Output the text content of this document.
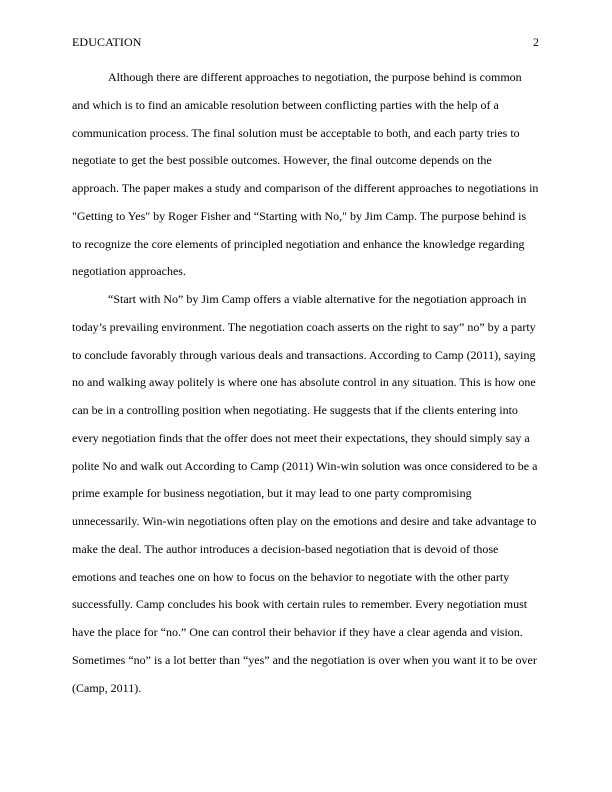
EDUCATION	2
Although there are different approaches to negotiation, the purpose behind is common
and which is to find an amicable resolution between conflicting parties with the help of a
communication process. The final solution must be acceptable to both, and each party tries to
negotiate to get the best possible outcomes. However, the final outcome depends on the
approach. The paper makes a study and comparison of the different approaches to negotiations in
"Getting to Yes" by Roger Fisher and “Starting with No," by Jim Camp. The purpose behind is
to recognize the core elements of principled negotiation and enhance the knowledge regarding
negotiation approaches.
“Start with No” by Jim Camp offers a viable alternative for the negotiation approach in
today’s prevailing environment. The negotiation coach asserts on the right to say” no” by a party
to conclude favorably through various deals and transactions. According to Camp (2011), saying
no and walking away politely is where one has absolute control in any situation. This is how one
can be in a controlling position when negotiating. He suggests that if the clients entering into
every negotiation finds that the offer does not meet their expectations, they should simply say a
polite No and walk out According to Camp (2011) Win-win solution was once considered to be a
prime example for business negotiation, but it may lead to one party compromising
unnecessarily. Win-win negotiations often play on the emotions and desire and take advantage to
make the deal. The author introduces a decision-based negotiation that is devoid of those
emotions and teaches one on how to focus on the behavior to negotiate with the other party
successfully. Camp concludes his book with certain rules to remember. Every negotiation must
have the place for “no.” One can control their behavior if they have a clear agenda and vision.
Sometimes “no” is a lot better than “yes” and the negotiation is over when you want it to be over
(Camp, 2011).
